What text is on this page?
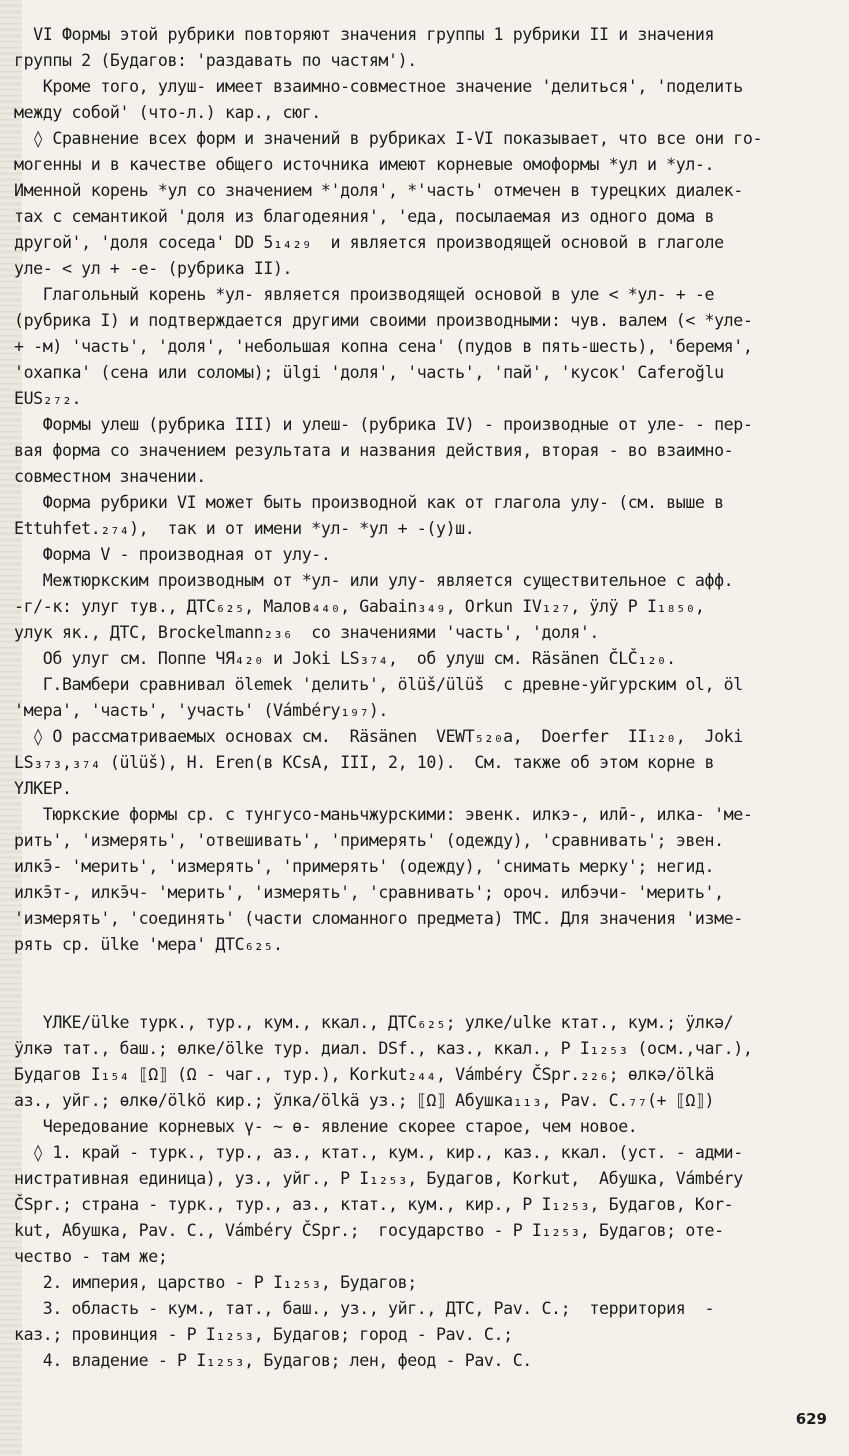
VI Формы этой рубрики повторяют значения группы 1 рубрики II и значения
группы 2 (Будагов: 'раздавать по частям').
Кроме того, улуш- имеет взаимно-совместное значение 'делиться', 'поделить
между собой' (что-л.) кар., сюг.
◊ Сравнение всех форм и значений в рубриках I-VI показывает, что все они го-
могенны и в качестве общего источника имеют корневые омоформы *ул и *ул-.
Именной корень *ул со значением *'доля', *'часть' отмечен в турецких диалек-
тах с семантикой 'доля из благодеяния', 'еда, посылаемая из одного дома в
другой', 'доля соседа' DD 5₁₄₂₉  и является производящей основой в глаголе
уле- < ул + -е- (рубрика II).
Глагольный корень *ул- является производящей основой в уле < *ул- + -е
(рубрика I) и подтверждается другими своими производными: чув. вaлем (< *уле-
+ -м) 'часть', 'доля', 'небольшая копна сена' (пудов в пять-шесть), 'беремя',
'охапка' (сена или соломы); ülgi 'доля', 'часть', 'пай', 'кусок' Caferoğlu
EUS₂₇₂.
Формы улеш (рубрика III) и улеш- (рубрика IV) - производные от уле- - пер-
вая форма со значением результата и названия действия, вторая - во взаимно-
совместном значении.
Форма рубрики VI может быть производной как от глагола улу- (см. выше в
Ettuhfet.₂₇₄),  так и от имени *ул- *ул + -(у)ш.
Форма V - производная от улу-.
Межтюркским производным от *ул- или улу- является существительное с афф.
-г/-к: улуг тув., ДТС₆₂₅, Малов₄₄₀, Gabain₃₄₉, Orkun IV₁₂₇, ӱлӱ P I₁₈₅₀,
улук як., ДТС, Brockelmann₂₃₆  со значениями 'часть', 'доля'.
Об улуг см. Поппе ЧЯ₄₂₀ и Joki LS₃₇₄,  об улуш см. Räsänen ČLČ₁₂₀.
Г.Вамбери сравнивал ölemek 'делить', ölüš/ülüš  с древне-уйгурским ol, öl
'мера', 'часть', 'участь' (Vámbéry₁₉₇).
◊ О рассматриваемых основах см.  Räsänen  VEWT₅₂₀а,  Doerfer  II₁₂₀,  Joki
LS₃₇₃,₃₇₄ (ülüš), H. Eren(в KCsA, III, 2, 10).  См. также об этом корне в
ҮЛКЕР.
Тюркские формы ср. с тунгусо-маньчжурскими: эвенк. илкэ-, илӣ-, илка- 'ме-
рить', 'измерять', 'отвешивать', 'примерять' (одежду), 'сравнивать'; эвен.
илкэ̄- 'мерить', 'измерять', 'примерять' (одежду), 'снимать мерку'; негид.
илкэ̄т-, илкэ̄ч- 'мерить', 'измерять', 'сравнивать'; ороч. илбэчи- 'мерить',
'измерять', 'соединять' (части сломанного предмета) ТМС. Для значения 'изме-
рять ср. ülke 'мера' ДТС₆₂₅.
ҮЛКЕ/ülke турк., тур., кум., ккал., ДТС₆₂₅; улке/ulke ктат., кум.; ӱлкә/
ӱлкә тат., баш.; өлке/ölke тур. диал. DSf., каз., ккал., P I₁₂₅₃ (осм.,чаг.),
Будагов I₁₅₄ ⟦Ω⟧ (Ω - чаг., тур.), Korkut₂₄₄, Vámbéry ČSpr.₂₂₆; өлкә/ölkä
аз., уйг.; өлкө/ölkö кир.; ўлка/ölkä уз.; ⟦Ω⟧ Абушка₁₁₃, Pav. C.₇₇(+ ⟦Ω⟧)
Чередование корневых ү- ~ ө- явление скорее старое, чем новое.
◊ 1. край - турк., тур., аз., ктат., кум., кир., каз., ккал. (уст. - адми-
нистративная единица), уз., уйг., P I₁₂₅₃, Будагов, Korkut,  Абушка, Vámbéry
ČSpr.; страна - турк., тур., аз., ктат., кум., кир., P I₁₂₅₃, Будагов, Kor-
kut, Абушка, Pav. C., Vámbéry ČSpr.;  государство - P I₁₂₅₃, Будагов; оте-
чество - там же;
2. империя, царство - P I₁₂₅₃, Будагов;
3. область - кум., тат., баш., уз., уйг., ДТС, Pav. C.;  территория  -
каз.; провинция - P I₁₂₅₃, Будагов; город - Pav. C.;
4. владение - P I₁₂₅₃, Будагов; лен, феод - Pav. C.
629
